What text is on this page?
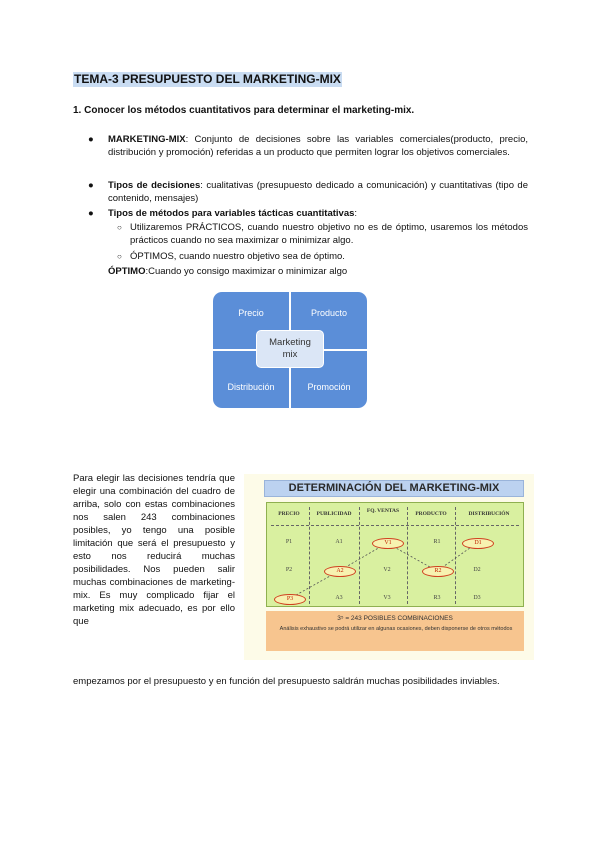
TEMA-3 PRESUPUESTO DEL MARKETING-MIX
1. Conocer los métodos cuantitativos para determinar el marketing-mix.
● MARKETING-MIX: Conjunto de decisiones sobre las variables comerciales(producto, precio, distribución y promoción) referidas a un producto que permiten lograr los objetivos comerciales.
● Tipos de decisiones: cualitativas (presupuesto dedicado a comunicación) y cuantitativas (tipo de contenido, mensajes)
● Tipos de métodos para variables tácticas cuantitativas:
○ Utilizaremos PRÁCTICOS, cuando nuestro objetivo no es de óptimo, usaremos los métodos prácticos cuando no sea maximizar o minimizar algo.
○ ÓPTIMOS, cuando nuestro objetivo sea de óptimo.
ÓPTIMO:Cuando yo consigo maximizar o minimizar algo
Precio	Producto
Distribución	Promoción
Marketing
mix
Para elegir las decisiones tendría que elegir una combinación del cuadro de arriba, solo con estas combinaciones nos salen 243 combinaciones posibles, yo tengo una posible limitación que será el presupuesto y esto nos reducirá muchas posibilidades. Nos pueden salir muchas combinaciones de marketing-mix. Es muy complicado fijar el marketing mix adecuado, es por ello que
empezamos por el presupuesto y en función del presupuesto saldrán muchas posibilidades inviables.
DETERMINACIÓN DEL MARKETING-MIX
PRECIO	PUBLICIDAD	FQ. VENTAS	PRODUCTO	DISTRIBUCIÓN
P1	A1	V1	R1	D1
P2	A2	V2	R2	D2
P3	A3	V3	R3	D3
3⁵ = 243 POSIBLES COMBINACIONES
Análisis exhaustivo se podrá utilizar en algunas ocasiones, deben disponerse de otros métodos
